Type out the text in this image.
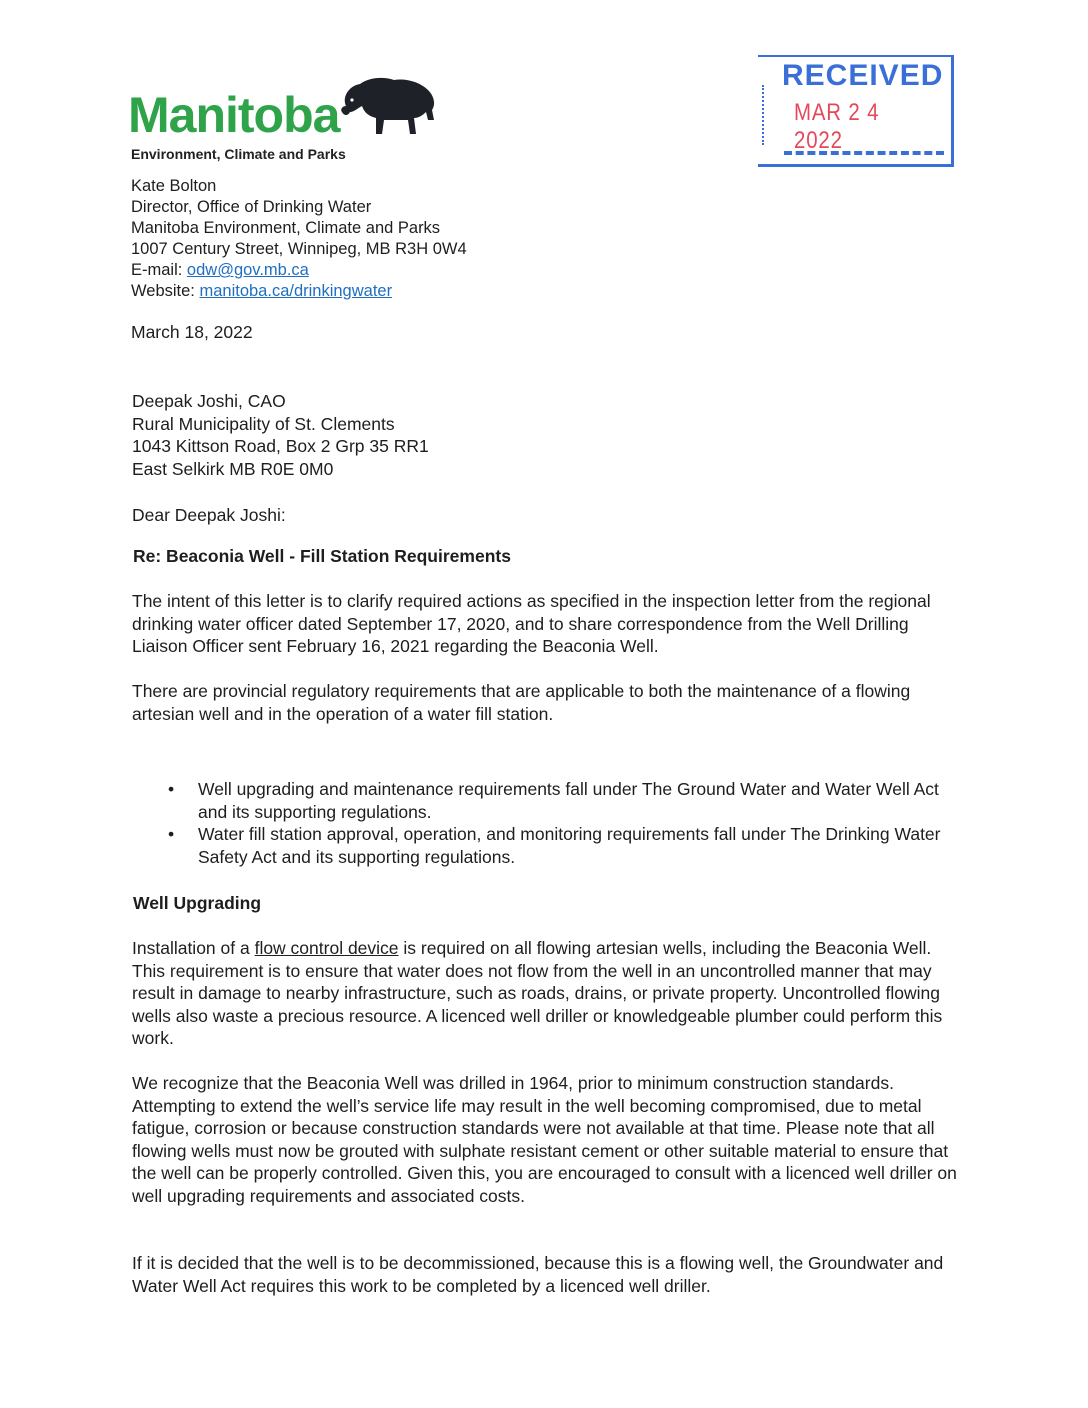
Manitoba
Environment, Climate and Parks
RECEIVED
MAR 2 4 2022
Kate Bolton
Director, Office of Drinking Water
Manitoba Environment, Climate and Parks
1007 Century Street, Winnipeg, MB R3H 0W4
E-mail: odw@gov.mb.ca
Website: manitoba.ca/drinkingwater
March 18, 2022
Deepak Joshi, CAO
Rural Municipality of St. Clements
1043 Kittson Road, Box 2 Grp 35 RR1
East Selkirk MB R0E 0M0
Dear Deepak Joshi:
Re: Beaconia Well - Fill Station Requirements
The intent of this letter is to clarify required actions as specified in the inspection letter from the regional drinking water officer dated September 17, 2020, and to share correspondence from the Well Drilling Liaison Officer sent February 16, 2021 regarding the Beaconia Well.
There are provincial regulatory requirements that are applicable to both the maintenance of a flowing artesian well and in the operation of a water fill station.
• Well upgrading and maintenance requirements fall under The Ground Water and Water Well Act and its supporting regulations.
• Water fill station approval, operation, and monitoring requirements fall under The Drinking Water Safety Act and its supporting regulations.
Well Upgrading
Installation of a flow control device is required on all flowing artesian wells, including the Beaconia Well. This requirement is to ensure that water does not flow from the well in an uncontrolled manner that may result in damage to nearby infrastructure, such as roads, drains, or private property. Uncontrolled flowing wells also waste a precious resource. A licenced well driller or knowledgeable plumber could perform this work.
We recognize that the Beaconia Well was drilled in 1964, prior to minimum construction standards. Attempting to extend the well’s service life may result in the well becoming compromised, due to metal fatigue, corrosion or because construction standards were not available at that time. Please note that all flowing wells must now be grouted with sulphate resistant cement or other suitable material to ensure that the well can be properly controlled. Given this, you are encouraged to consult with a licenced well driller on well upgrading requirements and associated costs.
If it is decided that the well is to be decommissioned, because this is a flowing well, the Groundwater and Water Well Act requires this work to be completed by a licenced well driller.
